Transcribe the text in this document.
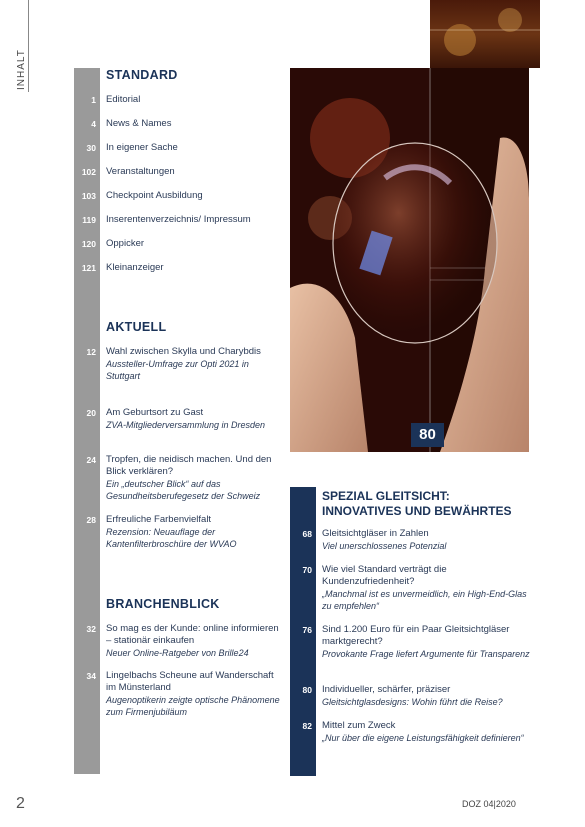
INHALT	STANDARD
1	Editorial
4	News & Names
30	In eigener Sache
102	Veranstaltungen
103	Checkpoint Ausbildung
119	Inserentenverzeichnis/ Impressum
120	Oppicker
121	Kleinanzeiger
AKTUELL
12	Wahl zwischen Skylla und Charybdis
Aussteller-Umfrage zur Opti 2021 in Stuttgart
20	Am Geburtsort zu Gast
ZVA-Mitgliederversammlung in Dresden
24	Tropfen, die neidisch machen. Und den Blick verklären?
Ein „deutscher Blick“ auf das Gesundheitsberufegesetz der Schweiz
28	Erfreuliche Farbenvielfalt
Rezension: Neuauflage der Kantenfilterbroschüre der WVAO
BRANCHENBLICK
32	So mag es der Kunde: online informieren – stationär einkaufen
Neuer Online-Ratgeber von Brille24
34	Lingelbachs Scheune auf Wanderschaft im Münsterland
Augenoptikerin zeigte optische Phänomene zum Firmenjubiläum
80
SPEZIAL GLEITSICHT: INNOVATIVES UND BEWÄHRTES
68	Gleitsichtgläser in Zahlen
Viel unerschlossenes Potenzial
70	Wie viel Standard verträgt die Kundenzufriedenheit?
„Manchmal ist es unvermeidlich, ein High-End-Glas zu empfehlen“
76	Sind 1.200 Euro für ein Paar Gleitsichtgläser marktgerecht?
Provokante Frage liefert Argumente für Transparenz
80	Individueller, schärfer, präziser
Gleitsichtglasdesigns: Wohin führt die Reise?
82	Mittel zum Zweck
„Nur über die eigene Leistungsfähigkeit definieren“
2	DOZ 04|2020
